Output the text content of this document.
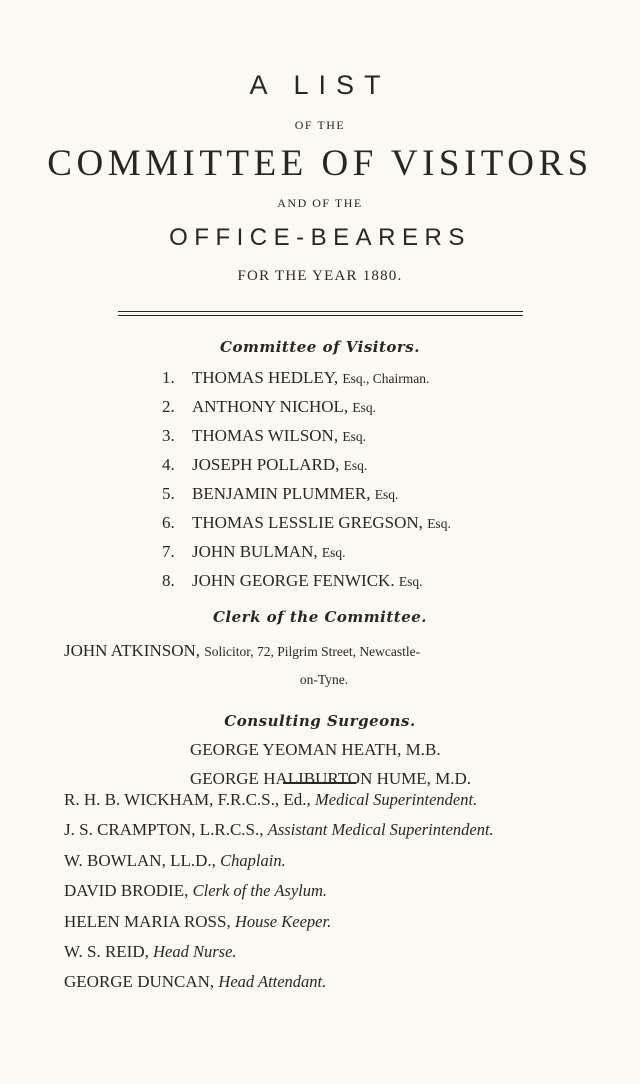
A LIST
OF THE
COMMITTEE OF VISITORS
AND OF THE
OFFICE-BEARERS
FOR THE YEAR 1880.
Committee of Visitors.
1. THOMAS HEDLEY, Esq., Chairman.
2. ANTHONY NICHOL, Esq.
3. THOMAS WILSON, Esq.
4. JOSEPH POLLARD, Esq.
5. BENJAMIN PLUMMER, Esq.
6. THOMAS LESSLIE GREGSON, Esq.
7. JOHN BULMAN, Esq.
8. JOHN GEORGE FENWICK. Esq.
Clerk of the Committee.
JOHN ATKINSON, Solicitor, 72, Pilgrim Street, Newcastle-
on-Tyne.
Consulting Surgeons.
GEORGE YEOMAN HEATH, M.B.
GEORGE HALIBURTON HUME, M.D.
R. H. B. WICKHAM, F.R.C.S., Ed., Medical Superintendent.
J. S. CRAMPTON, L.R.C.S., Assistant Medical Superintendent.
W. BOWLAN, LL.D., Chaplain.
DAVID BRODIE, Clerk of the Asylum.
HELEN MARIA ROSS, House Keeper.
W. S. REID, Head Nurse.
GEORGE DUNCAN, Head Attendant.
